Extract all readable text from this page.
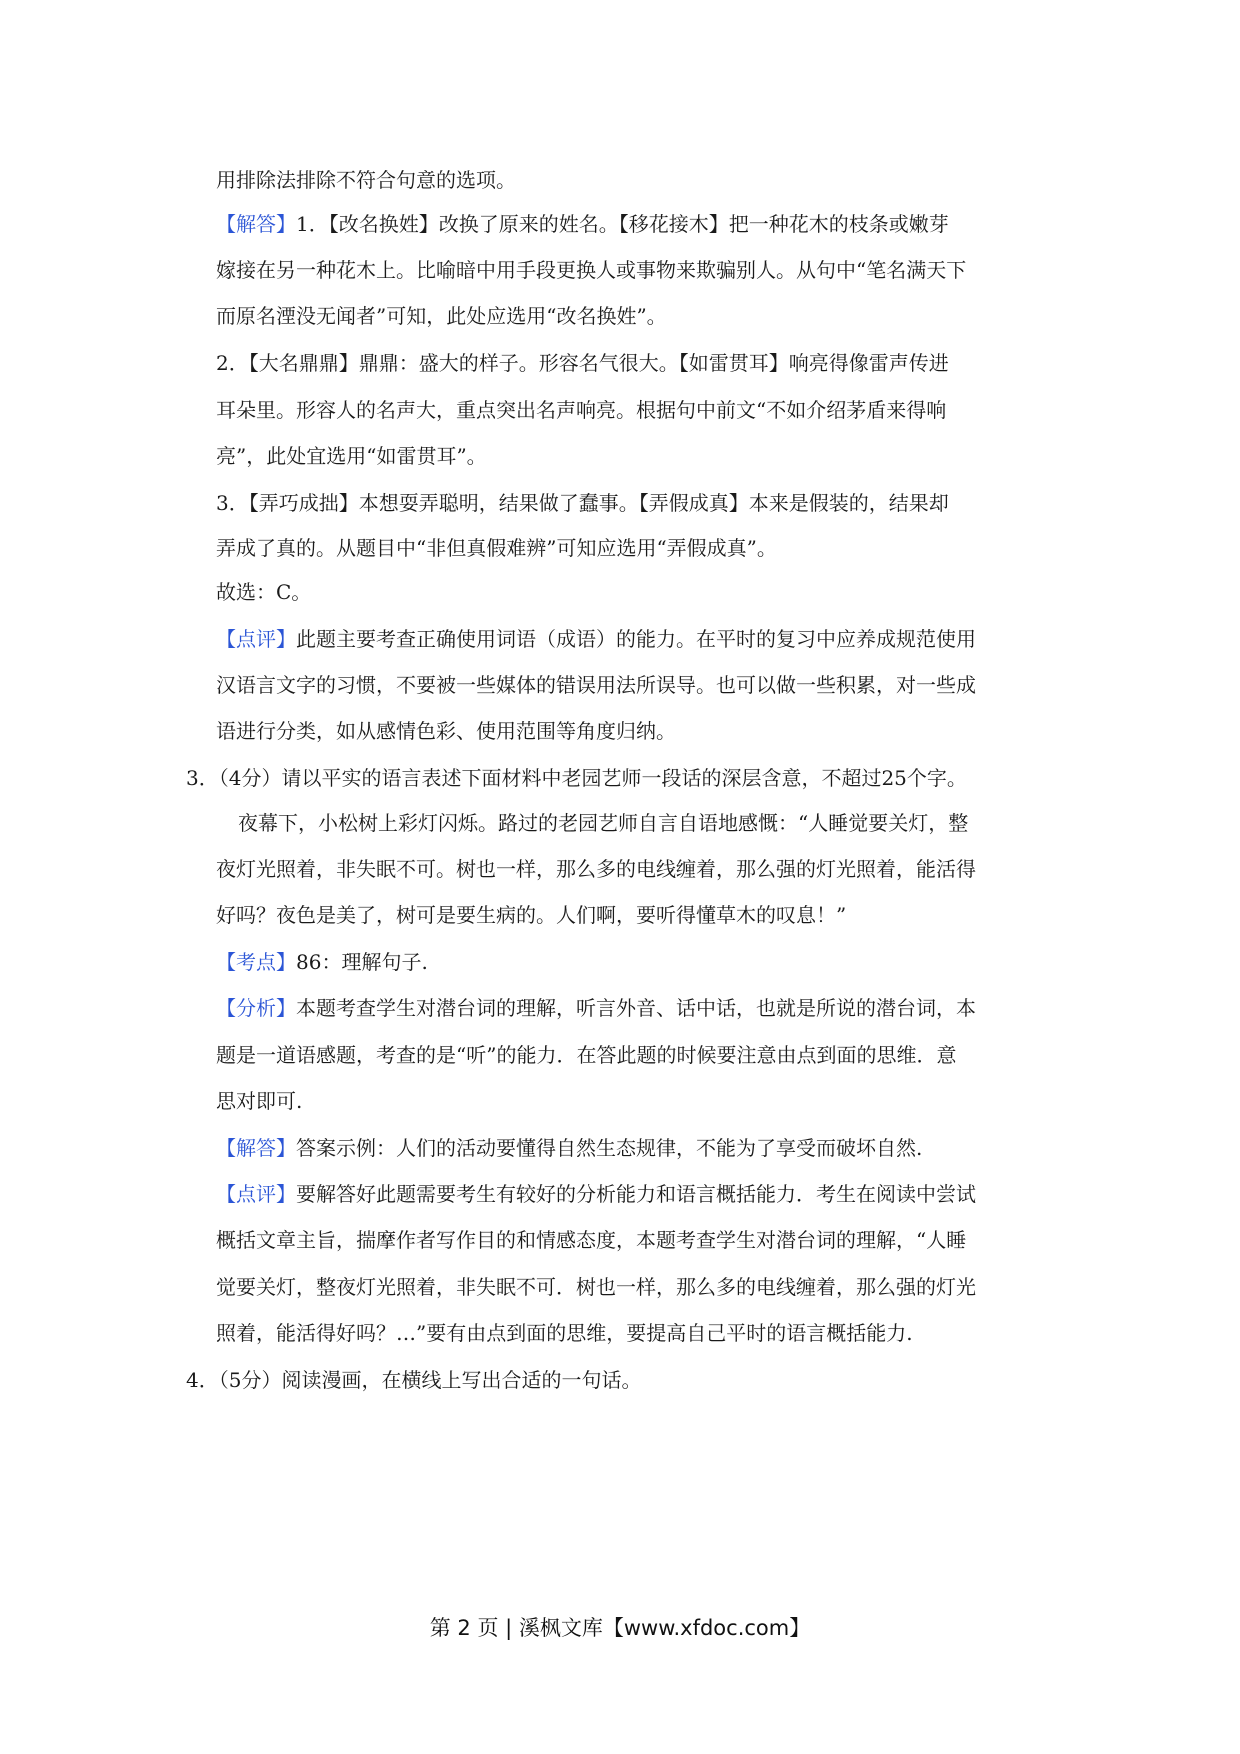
用排除法排除不符合句意的选项。
【解答】1．【改名换姓】改换了原来的姓名。【移花接木】把一种花木的枝条或嫩芽
嫁接在另一种花木上。比喻暗中用手段更换人或事物来欺骗别人。从句中“笔名满天下
而原名湮没无闻者”可知，此处应选用“改名换姓”。
2．【大名鼎鼎】鼎鼎：盛大的样子。形容名气很大。【如雷贯耳】响亮得像雷声传进
耳朵里。形容人的名声大，重点突出名声响亮。根据句中前文“不如介绍茅盾来得响
亮”，此处宜选用“如雷贯耳”。
3．【弄巧成拙】本想耍弄聪明，结果做了蠢事。【弄假成真】本来是假装的，结果却
弄成了真的。从题目中“非但真假难辨”可知应选用“弄假成真”。
故选：C。
【点评】此题主要考查正确使用词语（成语）的能力。在平时的复习中应养成规范使用
汉语言文字的习惯，不要被一些媒体的错误用法所误导。也可以做一些积累，对一些成
语进行分类，如从感情色彩、使用范围等角度归纳。
3．（4分）请以平实的语言表述下面材料中老园艺师一段话的深层含意，不超过25个字。
夜幕下，小松树上彩灯闪烁。路过的老园艺师自言自语地感慨：“人睡觉要关灯，整
夜灯光照着，非失眠不可。树也一样，那么多的电线缠着，那么强的灯光照着，能活得
好吗？夜色是美了，树可是要生病的。人们啊，要听得懂草木的叹息！”
【考点】86：理解句子.
【分析】本题考查学生对潜台词的理解，听言外音、话中话，也就是所说的潜台词，本
题是一道语感题，考查的是“听”的能力．在答此题的时候要注意由点到面的思维．意
思对即可.
【解答】答案示例：人们的活动要懂得自然生态规律，不能为了享受而破坏自然.
【点评】要解答好此题需要考生有较好的分析能力和语言概括能力．考生在阅读中尝试
概括文章主旨，揣摩作者写作目的和情感态度，本题考查学生对潜台词的理解，“人睡
觉要关灯，整夜灯光照着，非失眠不可．树也一样，那么多的电线缠着，那么强的灯光
照着，能活得好吗？…”要有由点到面的思维，要提高自己平时的语言概括能力.
4．（5分）阅读漫画，在横线上写出合适的一句话。
第 2 页 | 溪枫文库【www.xfdoc.com】
